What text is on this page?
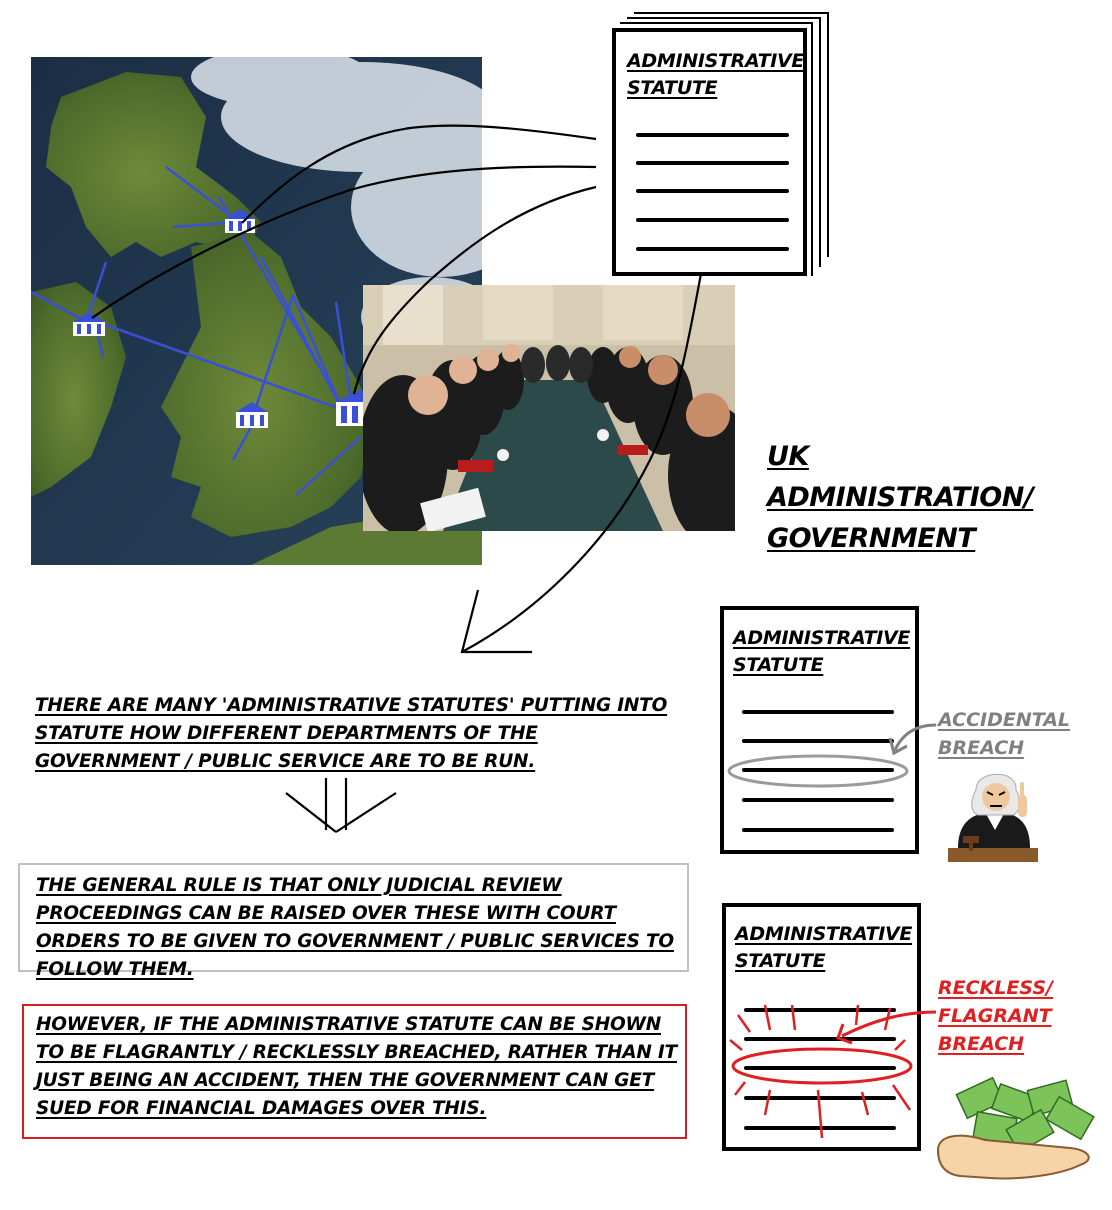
ADMINISTRATIVE
STATUTE
UK
ADMINISTRATION/
GOVERNMENT
THERE ARE MANY 'ADMINISTRATIVE STATUTES' PUTTING INTO STATUTE HOW DIFFERENT DEPARTMENTS OF THE GOVERNMENT / PUBLIC SERVICE ARE TO BE RUN.
THE GENERAL RULE IS THAT ONLY JUDICIAL REVIEW PROCEEDINGS CAN BE RAISED OVER THESE WITH COURT ORDERS TO BE GIVEN TO GOVERNMENT / PUBLIC SERVICES TO FOLLOW THEM.
HOWEVER, IF THE ADMINISTRATIVE STATUTE CAN BE SHOWN TO BE FLAGRANTLY / RECKLESSLY BREACHED, RATHER THAN IT JUST BEING AN ACCIDENT, THEN THE GOVERNMENT CAN GET SUED FOR FINANCIAL DAMAGES OVER THIS.
ADMINISTRATIVE
STATUTE
ACCIDENTAL
BREACH
ADMINISTRATIVE
STATUTE
RECKLESS/
FLAGRANT
BREACH
